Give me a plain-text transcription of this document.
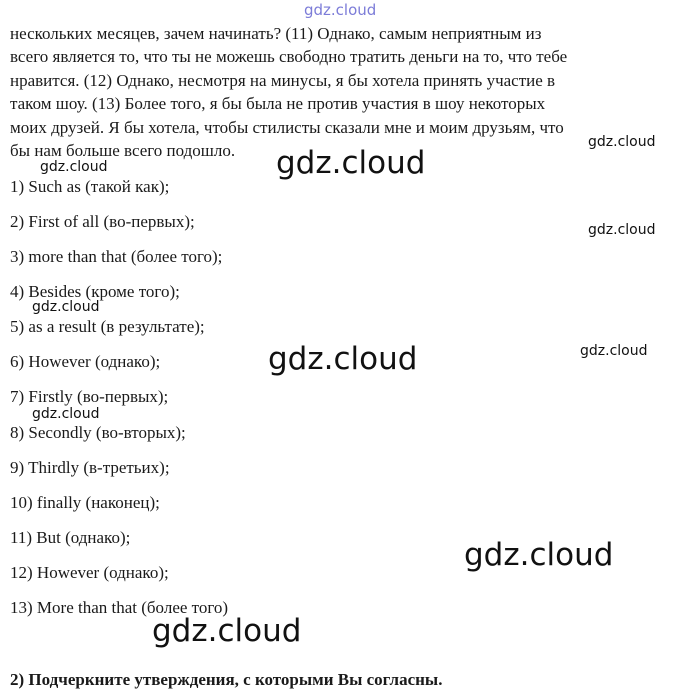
gdz.cloud
нескольких месяцев, зачем начинать? (11) Однако, самым неприятным из
всего является то, что ты не можешь свободно тратить деньги на то, что тебе
нравится. (12) Однако, несмотря на минусы, я бы хотела принять участие в
таком шоу. (13) Более того, я бы была не против участия в шоу некоторых
моих друзей. Я бы хотела, чтобы стилисты сказали мне и моим друзьям, что
бы нам больше всего подошло.
1) Such as (такой как);
2) First of all (во-первых);
3) more than that (более того);
4) Besides (кроме того);
5) as a result (в результате);
6) However (однако);
7) Firstly (во-первых);
8) Secondly (во-вторых);
9) Thirdly (в-третьих);
10) finally (наконец);
11) But (однако);
12) However (однако);
13) More than that (более того)
2) Подчеркните утверждения, с которыми Вы согласны.
gdz.cloud	gdz.cloud
gdz.cloud
gdz.cloud
gdz.cloud
gdz.cloud	gdz.cloud
gdz.cloud
gdz.cloud
gdz.cloud
